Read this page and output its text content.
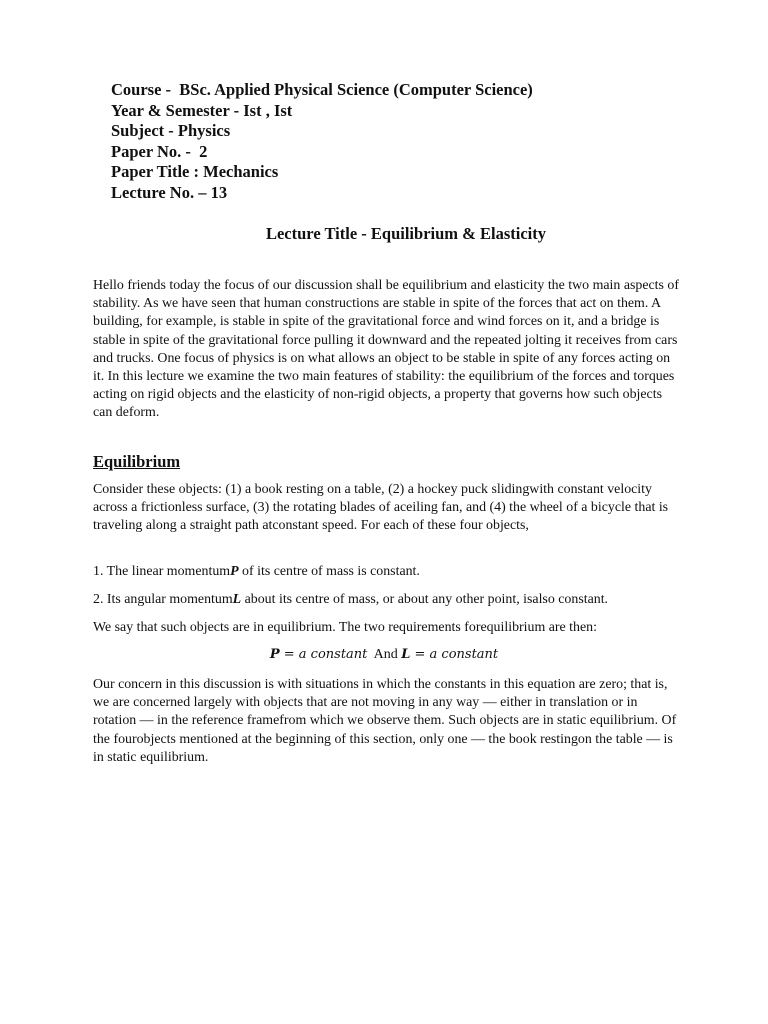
Course -  BSc. Applied Physical Science (Computer Science)
Year & Semester - Ist , Ist
Subject - Physics
Paper No. -  2
Paper Title : Mechanics
Lecture No. – 13
Lecture Title - Equilibrium & Elasticity
Hello friends today the focus of our discussion shall be equilibrium and elasticity the two main aspects of stability. As we have seen that human constructions are stable in spite of the forces that act on them. A building, for example, is stable in spite of the gravitational force and wind forces on it, and a bridge is stable in spite of the gravitational force pulling it downward and the repeated jolting it receives from cars and trucks. One focus of physics is on what allows an object to be stable in spite of any forces acting on it. In this lecture we examine the two main features of stability: the equilibrium of the forces and torques acting on rigid objects and the elasticity of non-rigid objects, a property that governs how such objects can deform.
Equilibrium
Consider these objects: (1) a book resting on a table, (2) a hockey puck slidingwith constant velocity across a frictionless surface, (3) the rotating blades of aceiling fan, and (4) the wheel of a bicycle that is traveling along a straight path atconstant speed. For each of these four objects,
1. The linear momentumP of its centre of mass is constant.
2. Its angular momentumL about its centre of mass, or about any other point, isalso constant.
We say that such objects are in equilibrium. The two requirements forequilibrium are then:
P = a constant  And L = a constant
Our concern in this discussion is with situations in which the constants in this equation are zero; that is, we are concerned largely with objects that are not moving in any way — either in translation or in rotation — in the reference framefrom which we observe them. Such objects are in static equilibrium. Of the fourobjects mentioned at the beginning of this section, only one — the book restingon the table — is in static equilibrium.
